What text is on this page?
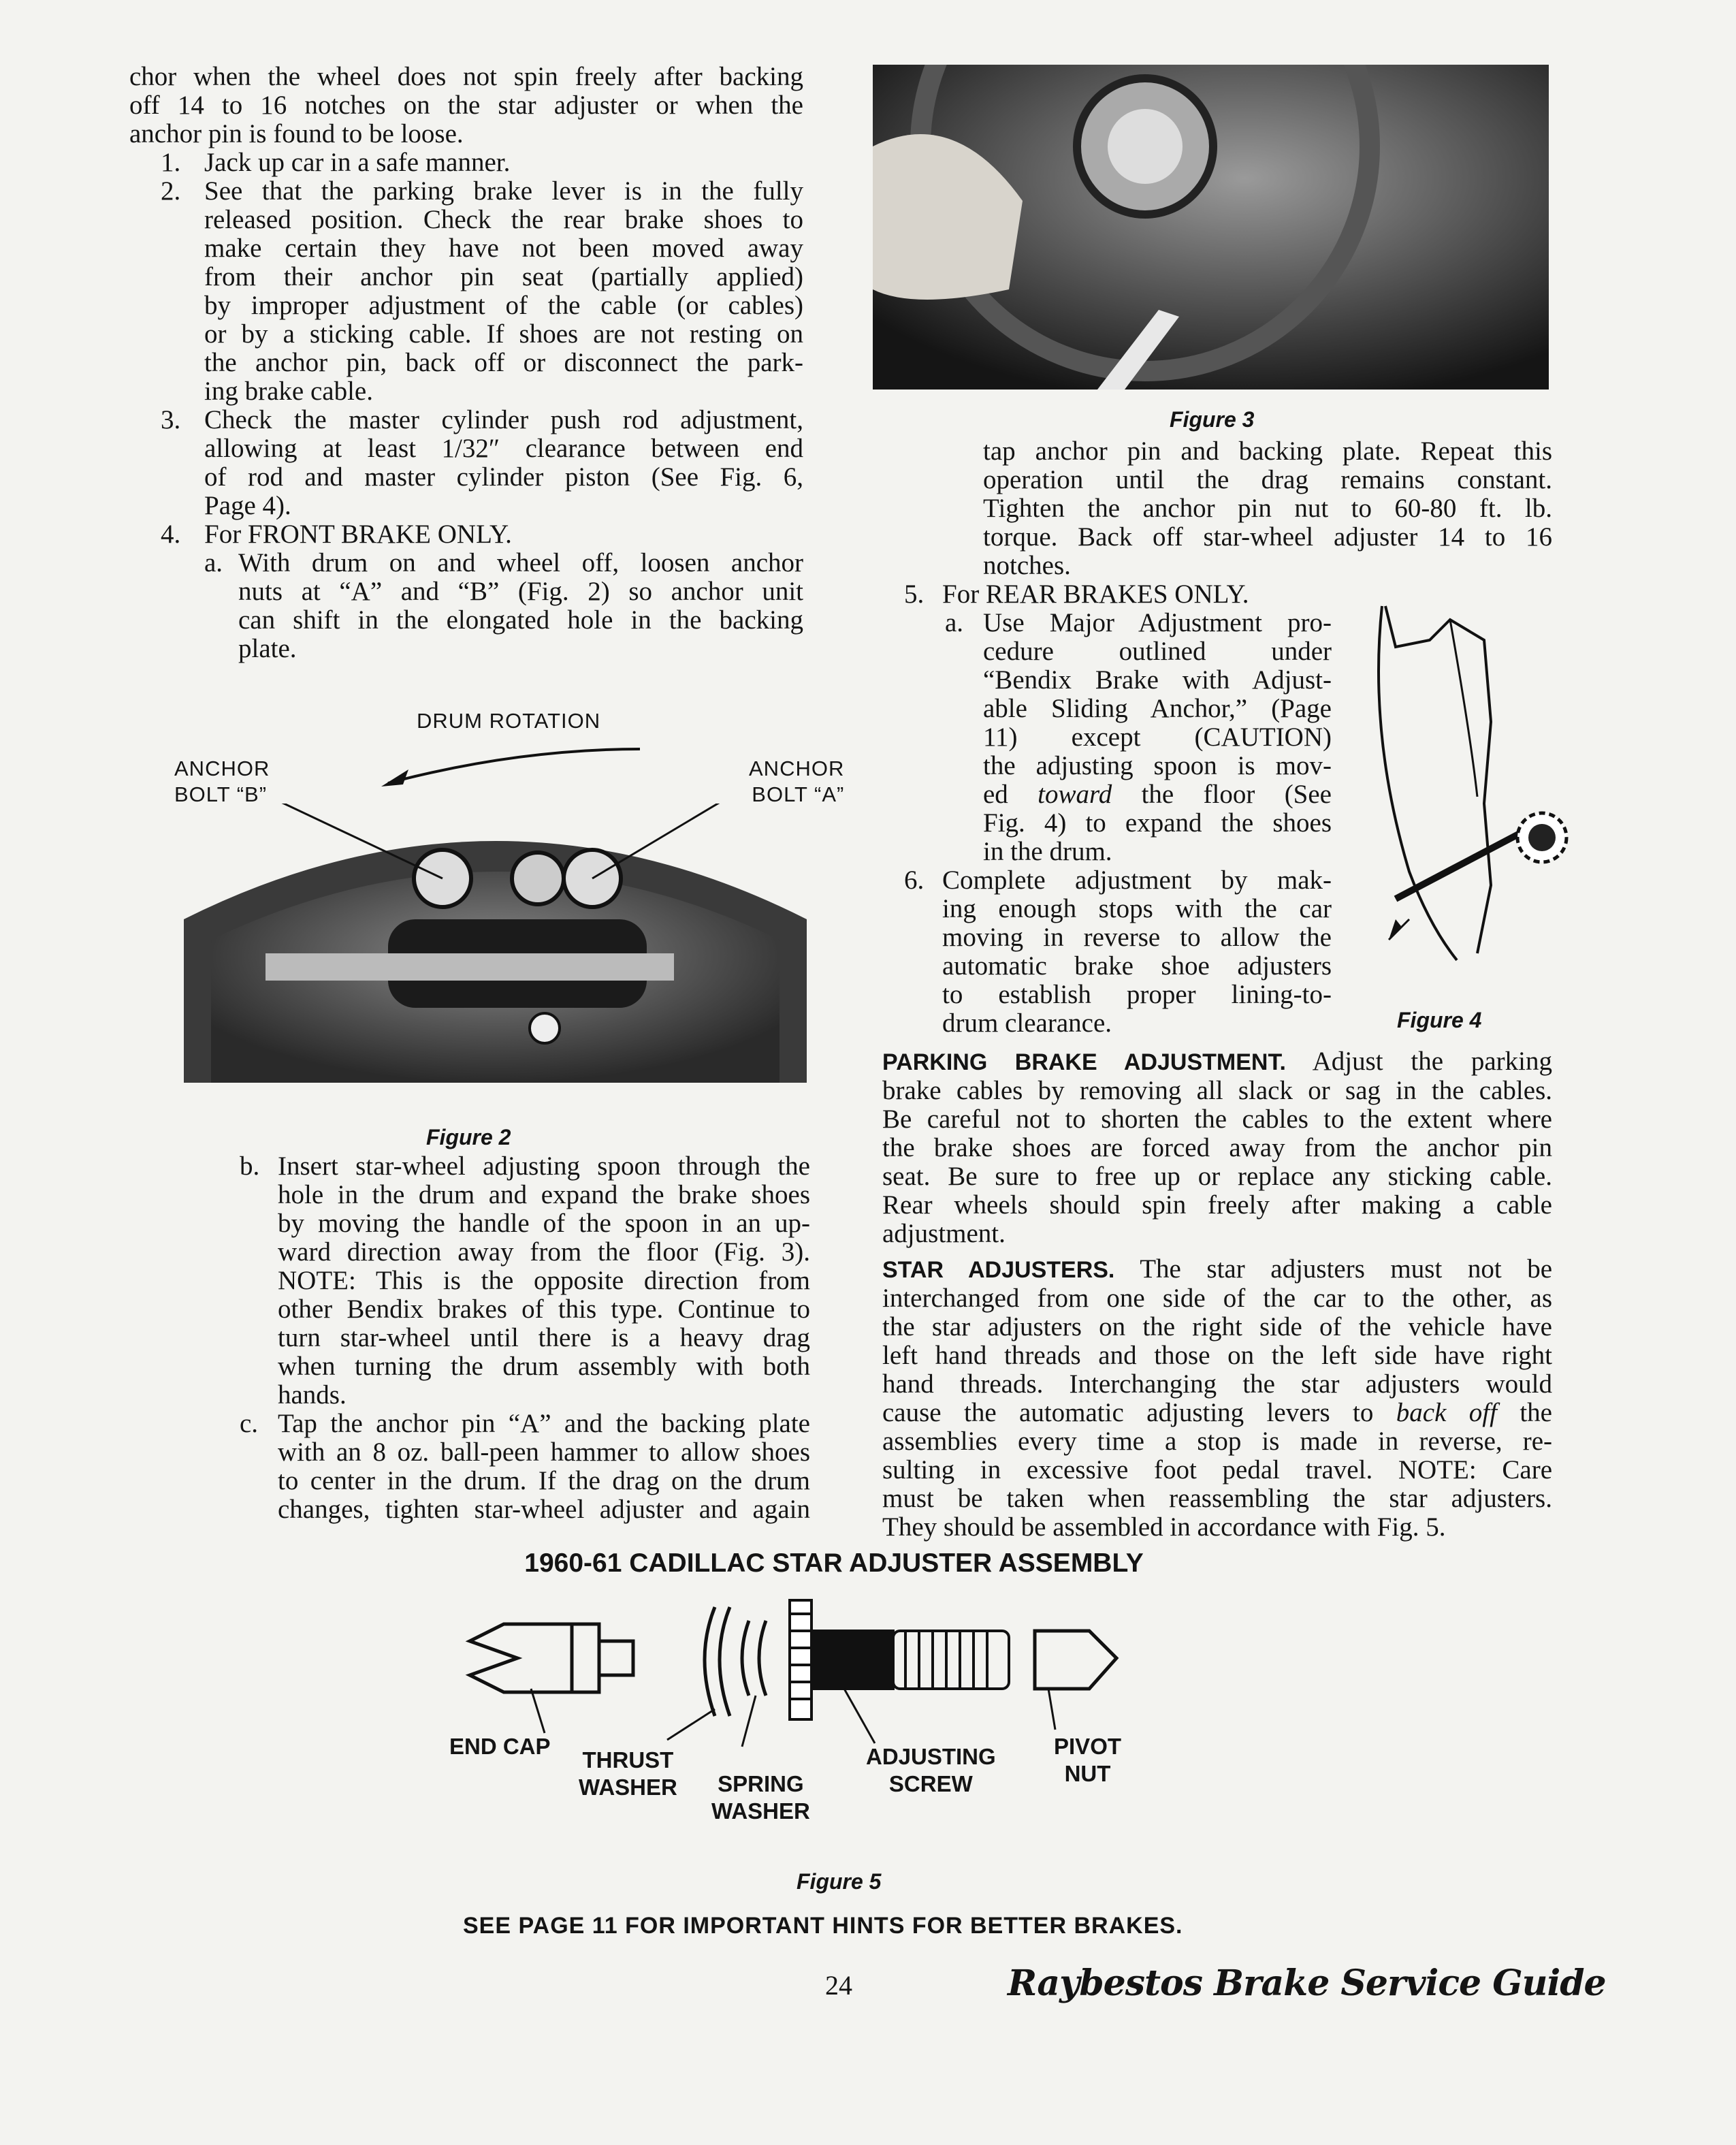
chor when the wheel does not spin freely after backing
off 14 to 16 notches on the star adjuster or when the
anchor pin is found to be loose.
1. Jack up car in a safe manner.
2. See that the parking brake lever is in the fully
released position. Check the rear brake shoes to
make certain they have not been moved away
from their anchor pin seat (partially applied)
by improper adjustment of the cable (or cables)
or by a sticking cable. If shoes are not resting on
the anchor pin, back off or disconnect the park-
ing brake cable.
3. Check the master cylinder push rod adjustment,
allowing at least 1/32″ clearance between end
of rod and master cylinder piston (See Fig. 6,
Page 4).
4. For FRONT BRAKE ONLY.
a. With drum on and wheel off, loosen anchor
nuts at “A” and “B” (Fig. 2) so anchor unit
can shift in the elongated hole in the backing
plate.
DRUM ROTATION
ANCHOR
BOLT “B”
ANCHOR
BOLT “A”
Figure 2
b. Insert star-wheel adjusting spoon through the
hole in the drum and expand the brake shoes
by moving the handle of the spoon in an up-
ward direction away from the floor (Fig. 3).
NOTE: This is the opposite direction from
other Bendix brakes of this type. Continue to
turn star-wheel until there is a heavy drag
when turning the drum assembly with both
hands.
c. Tap the anchor pin “A” and the backing plate
with an 8 oz. ball-peen hammer to allow shoes
to center in the drum. If the drag on the drum
changes, tighten star-wheel adjuster and again
Figure 3
tap anchor pin and backing plate. Repeat this
operation until the drag remains constant.
Tighten the anchor pin nut to 60-80 ft. lb.
torque. Back off star-wheel adjuster 14 to 16
notches.
5. For REAR BRAKES ONLY.
a. Use Major Adjustment pro-
cedure outlined under
“Bendix Brake with Adjust-
able Sliding Anchor,” (Page
11) except (CAUTION)
the adjusting spoon is mov-
ed toward the floor (See
Fig. 4) to expand the shoes
in the drum.
6. Complete adjustment by mak-
ing enough stops with the car
moving in reverse to allow the
automatic brake shoe adjusters
to establish proper lining-to-
drum clearance.
PARKING BRAKE ADJUSTMENT. Adjust the parking
brake cables by removing all slack or sag in the cables.
Be careful not to shorten the cables to the extent where
the brake shoes are forced away from the anchor pin
seat. Be sure to free up or replace any sticking cable.
Rear wheels should spin freely after making a cable
adjustment.
STAR ADJUSTERS. The star adjusters must not be
interchanged from one side of the car to the other, as
the star adjusters on the right side of the vehicle have
left hand threads and those on the left side have right
hand threads. Interchanging the star adjusters would
cause the automatic adjusting levers to back off the
assemblies every time a stop is made in reverse, re-
sulting in excessive foot pedal travel. NOTE: Care
must be taken when reassembling the star adjusters.
They should be assembled in accordance with Fig. 5.
Figure 4
1960-61 CADILLAC STAR ADJUSTER ASSEMBLY
END CAP
THRUST
WASHER SPRING
WASHER
ADJUSTING
SCREW
PIVOT
NUT
Figure 5
SEE PAGE 11 FOR IMPORTANT HINTS FOR BETTER BRAKES.
24	Raybestos Brake Service Guide
